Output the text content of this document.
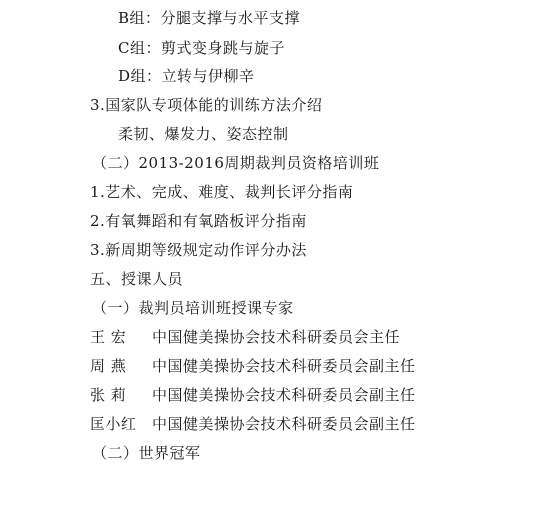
B组：分腿支撑与水平支撑
C组：剪式变身跳与旋子
D组：立转与伊柳辛
3.国家队专项体能的训练方法介绍
柔韧、爆发力、姿态控制
（二）2013-2016周期裁判员资格培训班
1.艺术、完成、难度、裁判长评分指南
2.有氧舞蹈和有氧踏板评分指南
3.新周期等级规定动作评分办法
五、授课人员
（一）裁判员培训班授课专家
王 宏 中国健美操协会技术科研委员会主任
周 燕 中国健美操协会技术科研委员会副主任
张 莉 中国健美操协会技术科研委员会副主任
匡小红 中国健美操协会技术科研委员会副主任
（二）世界冠军
